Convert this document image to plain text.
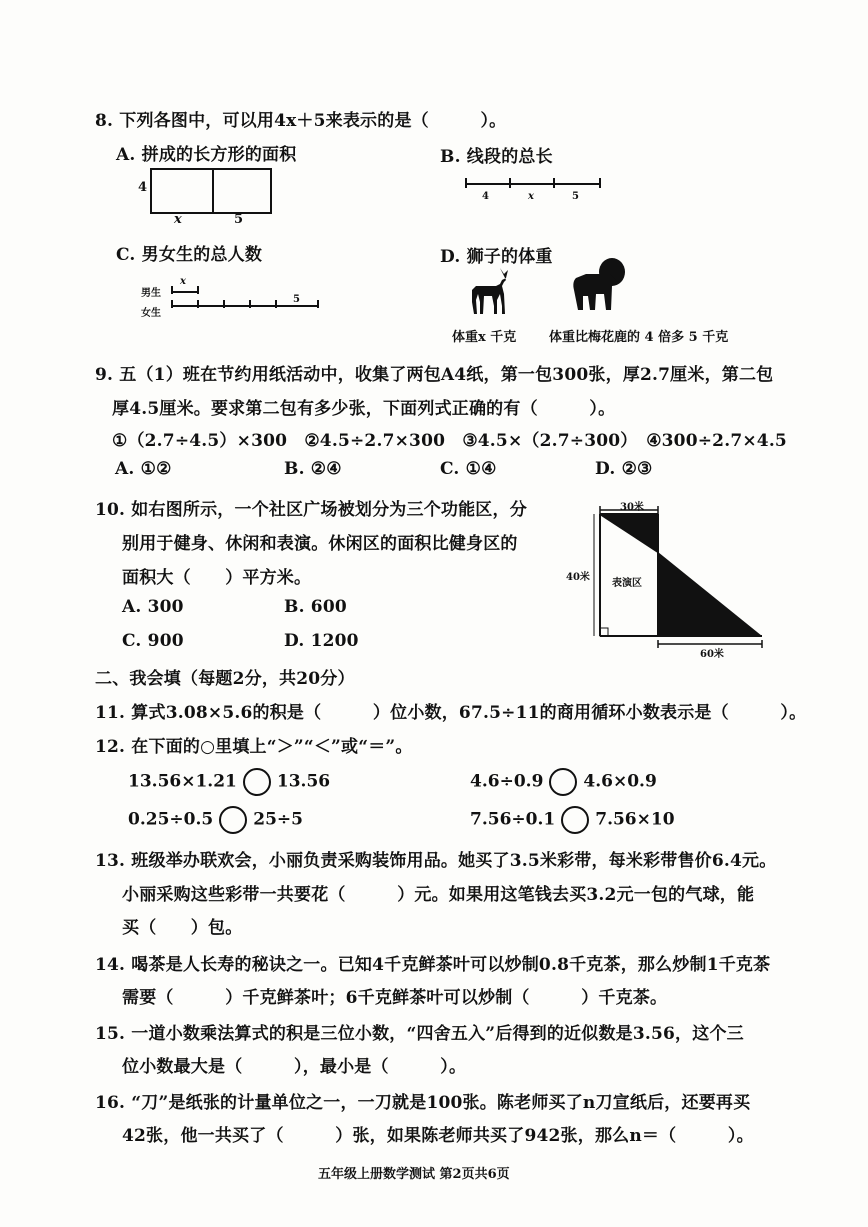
8. 下列各图中，可以用4x＋5来表示的是（　　　）。
A. 拼成的长方形的面积	B. 线段的总长
4
x	5
4	x	5
C. 男女生的总人数	D. 狮子的体重
男生
女生
x
5
体重x 千克	体重比梅花鹿的 4 倍多 5 千克
9. 五（1）班在节约用纸活动中，收集了两包A4纸，第一包300张，厚2.7厘米，第二包
厚4.5厘米。要求第二包有多少张，下面列式正确的有（　　　）。
①（2.7÷4.5）×300　②4.5÷2.7×300　③4.5×（2.7÷300）　④300÷2.7×4.5
A. ①②	B. ②④	C. ①④	D. ②③
10. 如右图所示，一个社区广场被划分为三个功能区，分
别用于健身、休闲和表演。休闲区的面积比健身区的
面积大（　　）平方米。
A. 300	B. 600
C. 900	D. 1200
30米
40米
表演区
60米
二、我会填（每题2分，共20分）
11. 算式3.08×5.6的积是（　　　）位小数，67.5÷11的商用循环小数表示是（　　　）。
12. 在下面的○里填上“＞”“＜”或“＝”。
13.56×1.21 13.56	4.6÷0.9 4.6×0.9
0.25÷0.5 25÷5	7.56÷0.1 7.56×10
13. 班级举办联欢会，小丽负责采购装饰用品。她买了3.5米彩带，每米彩带售价6.4元。
小丽采购这些彩带一共要花（　　　）元。如果用这笔钱去买3.2元一包的气球，能
买（　　）包。
14. 喝茶是人长寿的秘诀之一。已知4千克鲜茶叶可以炒制0.8千克茶，那么炒制1千克茶
需要（　　　）千克鲜茶叶；6千克鲜茶叶可以炒制（　　　）千克茶。
15. 一道小数乘法算式的积是三位小数，“四舍五入”后得到的近似数是3.56，这个三
位小数最大是（　　　），最小是（　　　）。
16. “刀”是纸张的计量单位之一，一刀就是100张。陈老师买了n刀宣纸后，还要再买
42张，他一共买了（　　　）张，如果陈老师共买了942张，那么n＝（　　　）。
五年级上册数学测试 第2页共6页
